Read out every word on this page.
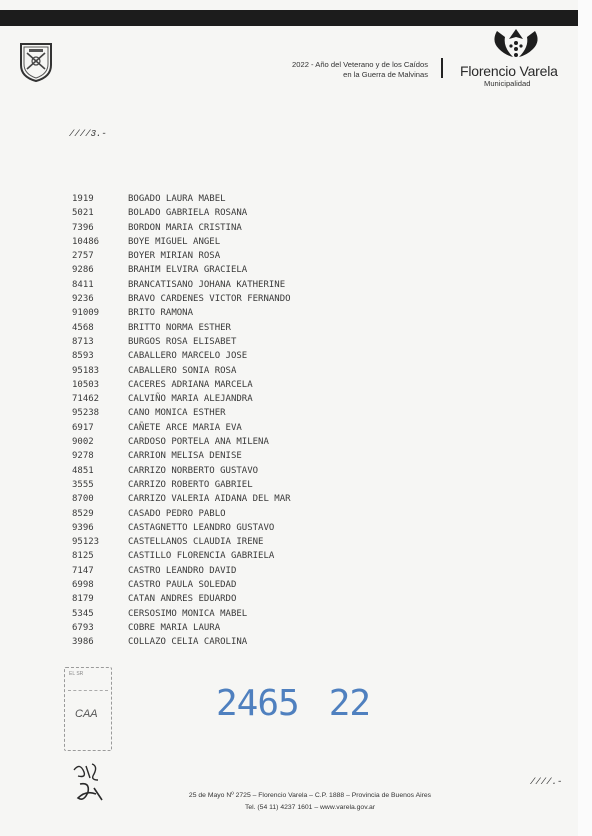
2022 - Año del Veterano y de los Caídos
en la Guerra de Malvinas Florencio Varela
Municipalidad
////3.-
1919	BOGADO LAURA MABEL
5021	BOLADO GABRIELA ROSANA
7396	BORDON MARIA CRISTINA
10486	BOYE MIGUEL ANGEL
2757	BOYER MIRIAN ROSA
9286	BRAHIM ELVIRA GRACIELA
8411	BRANCATISANO JOHANA KATHERINE
9236	BRAVO CARDENES VICTOR FERNANDO
91009	BRITO RAMONA
4568	BRITTO NORMA ESTHER
8713	BURGOS ROSA ELISABET
8593	CABALLERO MARCELO JOSE
95183	CABALLERO SONIA ROSA
10503	CACERES ADRIANA MARCELA
71462	CALVIÑO MARIA ALEJANDRA
95238	CANO MONICA ESTHER
6917	CAÑETE ARCE MARIA EVA
9002	CARDOSO PORTELA ANA MILENA
9278	CARRION MELISA DENISE
4851	CARRIZO NORBERTO GUSTAVO
3555	CARRIZO ROBERTO GABRIEL
8700	CARRIZO VALERIA AIDANA DEL MAR
8529	CASADO PEDRO PABLO
9396	CASTAGNETTO LEANDRO GUSTAVO
95123	CASTELLANOS CLAUDIA IRENE
8125	CASTILLO FLORENCIA GABRIELA
7147	CASTRO LEANDRO DAVID
6998	CASTRO PAULA SOLEDAD
8179	CATAN ANDRES EDUARDO
5345	CERSOSIMO MONICA MABEL
6793	COBRE MARIA LAURA
3986	COLLAZO CELIA CAROLINA
EL SR
CAA	2465 22
25 de Mayo Nº 2725 – Florencio Varela – C.P. 1888 – Provincia de Buenos Aires
Tel. (54 11) 4237 1601 – www.varela.gov.ar
////.-
